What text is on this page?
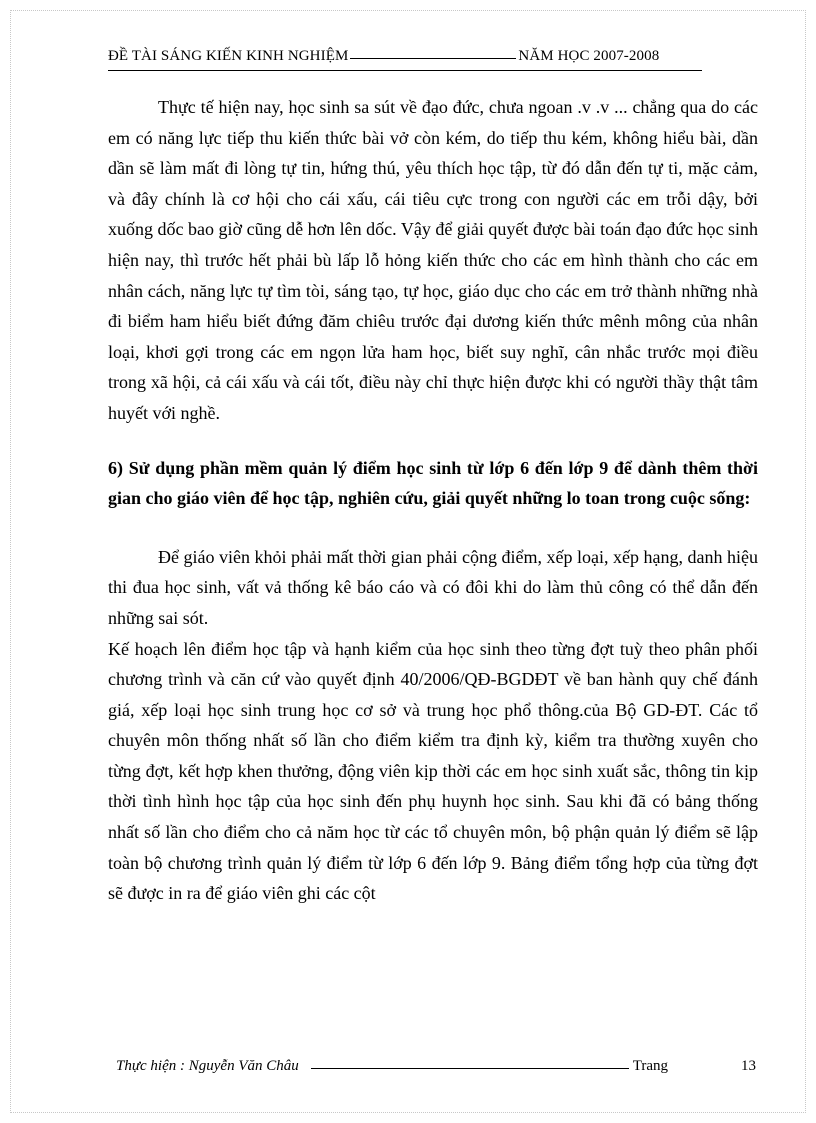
ĐỀ TÀI SÁNG KIẾN KINH NGHIỆM	NĂM HỌC 2007-2008

Thực tế hiện nay, học sinh sa sút về đạo đức, chưa ngoan .v .v ... chẳng qua do các em có năng lực tiếp thu kiến thức bài vở còn kém, do tiếp thu kém, không hiểu bài, dần dần sẽ làm mất đi lòng tự tin, hứng thú, yêu thích học tập, từ đó dẫn đến tự ti, mặc cảm, và đây chính là cơ hội cho cái xấu, cái tiêu cực trong con người các em trỗi dậy, bởi xuống dốc bao giờ cũng dễ hơn lên dốc. Vậy để giải quyết được bài toán đạo đức học sinh hiện nay, thì trước hết phải bù lấp lỗ hỏng kiến thức cho các em hình thành cho các em nhân cách, năng lực tự tìm tòi, sáng tạo, tự học, giáo dục cho các em trở thành những nhà đi biểm ham hiểu biết đứng đăm chiêu trước đại dương kiến thức mênh mông của nhân loại, khơi gợi trong các em ngọn lửa ham học, biết suy nghĩ, cân nhắc trước mọi điều trong xã hội, cả cái xấu và cái tốt, điều này chỉ thực hiện được khi có người thầy thật tâm huyết với nghề.

6) Sử dụng phần mềm quản lý điểm học sinh từ lớp 6 đến lớp 9 để dành thêm thời gian cho giáo viên để học tập, nghiên cứu, giải quyết những lo toan trong cuộc sống:

Để giáo viên khỏi phải mất thời gian phải cộng điểm, xếp loại, xếp hạng, danh hiệu thi đua học sinh, vất vả thống kê báo cáo và có đôi khi do làm thủ công có thể dẫn đến những sai sót.

Kế hoạch lên điểm học tập và hạnh kiểm của học sinh theo từng đợt tuỳ theo phân phối chương trình và căn cứ vào quyết định 40/2006/QĐ-BGDĐT về ban hành quy chế đánh giá, xếp loại học sinh trung học cơ sở và trung học phổ thông.của Bộ GD-ĐT. Các tổ chuyên môn thống nhất số lần cho điểm kiểm tra định kỳ, kiểm tra thường xuyên cho từng đợt, kết hợp khen thưởng, động viên kịp thời các em học sinh xuất sắc, thông tin kịp thời tình hình học tập của học sinh đến phụ huynh học sinh. Sau khi đã có bảng thống nhất số lần cho điểm cho cả năm học từ các tổ chuyên môn, bộ phận quản lý điểm sẽ lập toàn bộ chương trình quản lý điểm từ lớp 6 đến lớp 9. Bảng điểm tổng hợp của từng đợt sẽ được in ra để giáo viên ghi các cột

Thực hiện : Nguyễn Văn Châu	Trang	13
